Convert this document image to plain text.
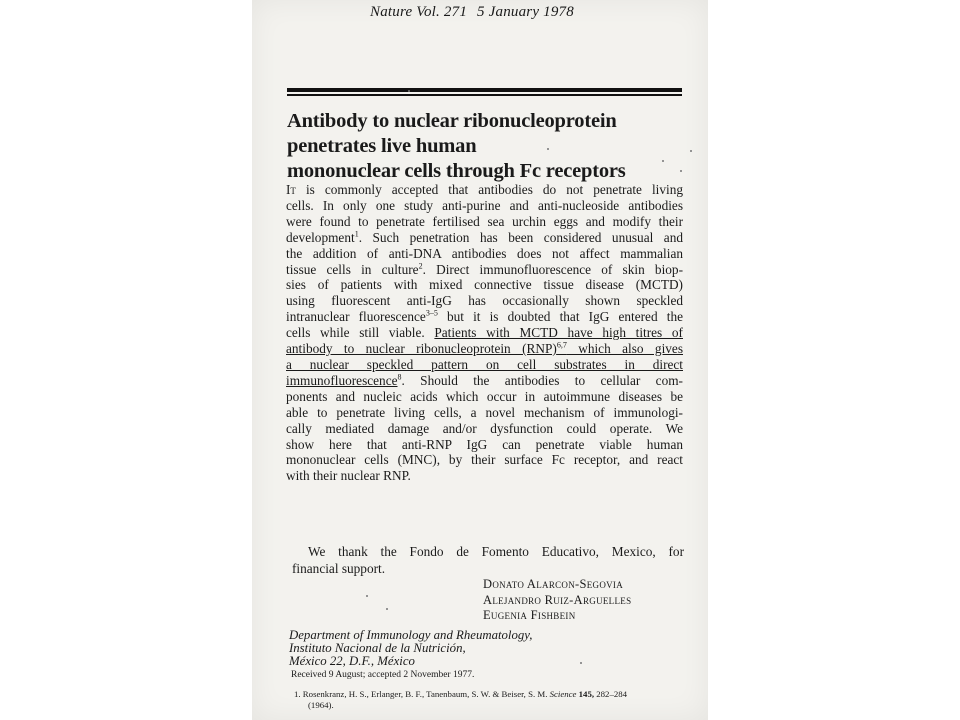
Nature Vol. 271 5 January 1978
Antibody to nuclear ribonucleoprotein
penetrates live human
mononuclear cells through Fc receptors
It is commonly accepted that antibodies do not penetrate living
cells. In only one study anti-purine and anti-nucleoside antibodies
were found to penetrate fertilised sea urchin eggs and modify their
development$^1$. Such penetration has been considered unusual and
the addition of anti-DNA antibodies does not affect mammalian
tissue cells in culture$^2$. Direct immunofluorescence of skin biop-
sies of patients with mixed connective tissue disease (MCTD)
using fluorescent anti-IgG has occasionally shown speckled
intranuclear fluorescence$^{3-5}$ but it is doubted that IgG entered the
cells while still viable. Patients with MCTD have high titres of
antibody to nuclear ribonucleoprotein (RNP)$^{6,7}$ which also gives
a nuclear speckled pattern on cell substrates in direct
immunofluorescence$^8$. Should the antibodies to cellular com-
ponents and nucleic acids which occur in autoimmune diseases be
able to penetrate living cells, a novel mechanism of immunologi-
cally mediated damage and/or dysfunction could operate. We
show here that anti-RNP IgG can penetrate viable human
mononuclear cells (MNC), by their surface Fc receptor, and react
with their nuclear RNP.
We thank the Fondo de Fomento Educativo, Mexico, for
financial support.
Donato Alarcon-Segovia
Alejandro Ruiz-Arguelles
Eugenia Fishbein
Department of Immunology and Rheumatology,
Instituto Nacional de la Nutrición,
México 22, D.F., México
Received 9 August; accepted 2 November 1977.
1. Rosenkranz, H. S., Erlanger, B. F., Tanenbaum, S. W. & Beiser, S. M. Science 145, 282–284
(1964).
